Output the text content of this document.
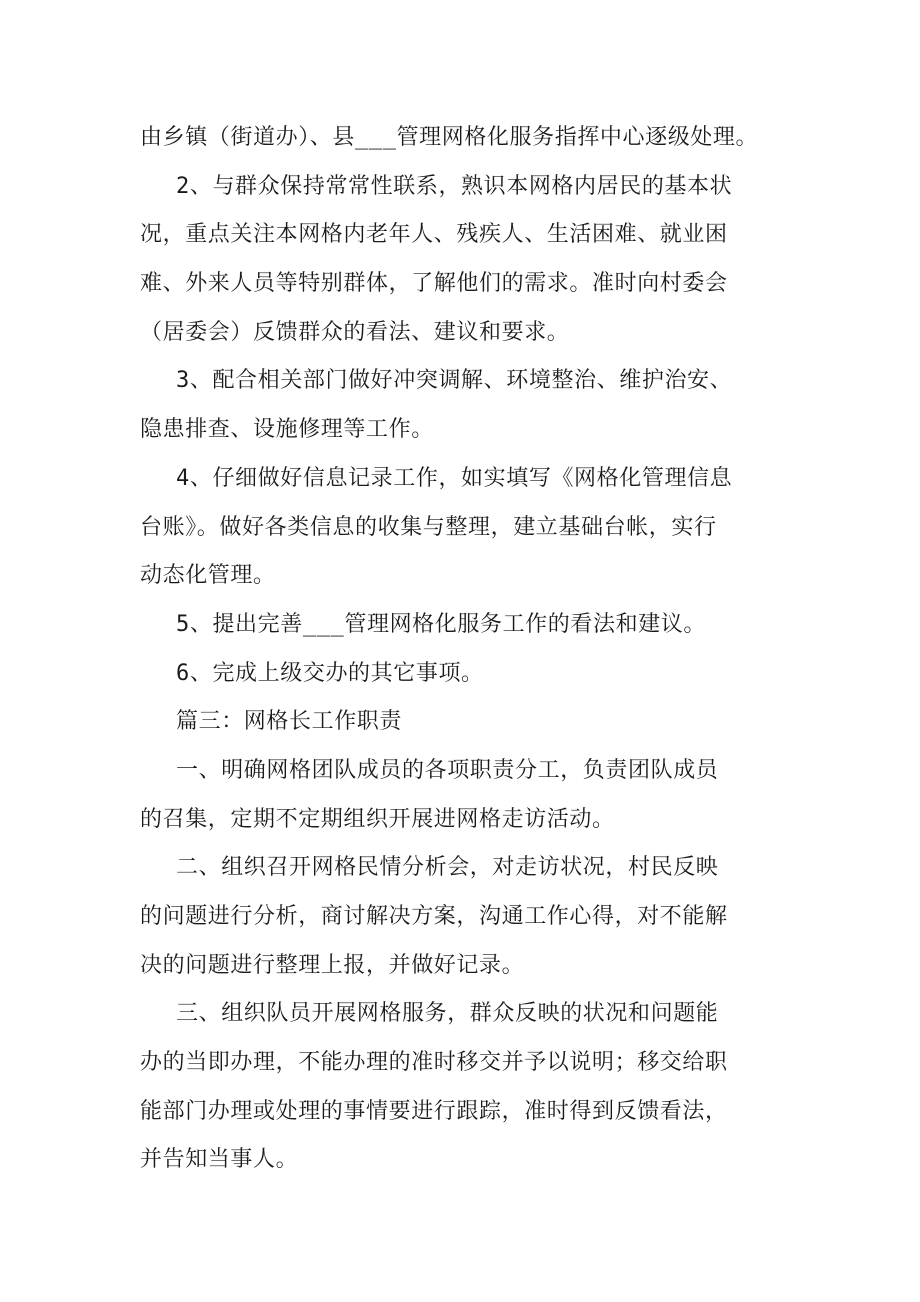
由乡镇（街道办）、县___管理网格化服务指挥中心逐级处理。
2、与群众保持常常性联系，熟识本网格内居民的基本状
况，重点关注本网格内老年人、残疾人、生活困难、就业困
难、外来人员等特别群体，了解他们的需求。准时向村委会
（居委会）反馈群众的看法、建议和要求。
3、配合相关部门做好冲突调解、环境整治、维护治安、
隐患排查、设施修理等工作。
4、仔细做好信息记录工作，如实填写《网格化管理信息
台账》。做好各类信息的收集与整理，建立基础台帐，实行
动态化管理。
5、提出完善___管理网格化服务工作的看法和建议。
6、完成上级交办的其它事项。
篇三：网格长工作职责
一、明确网格团队成员的各项职责分工，负责团队成员
的召集，定期不定期组织开展进网格走访活动。
二、组织召开网格民情分析会，对走访状况，村民反映
的问题进行分析，商讨解决方案，沟通工作心得，对不能解
决的问题进行整理上报，并做好记录。
三、组织队员开展网格服务，群众反映的状况和问题能
办的当即办理，不能办理的准时移交并予以说明；移交给职
能部门办理或处理的事情要进行跟踪，准时得到反馈看法，
并告知当事人。
